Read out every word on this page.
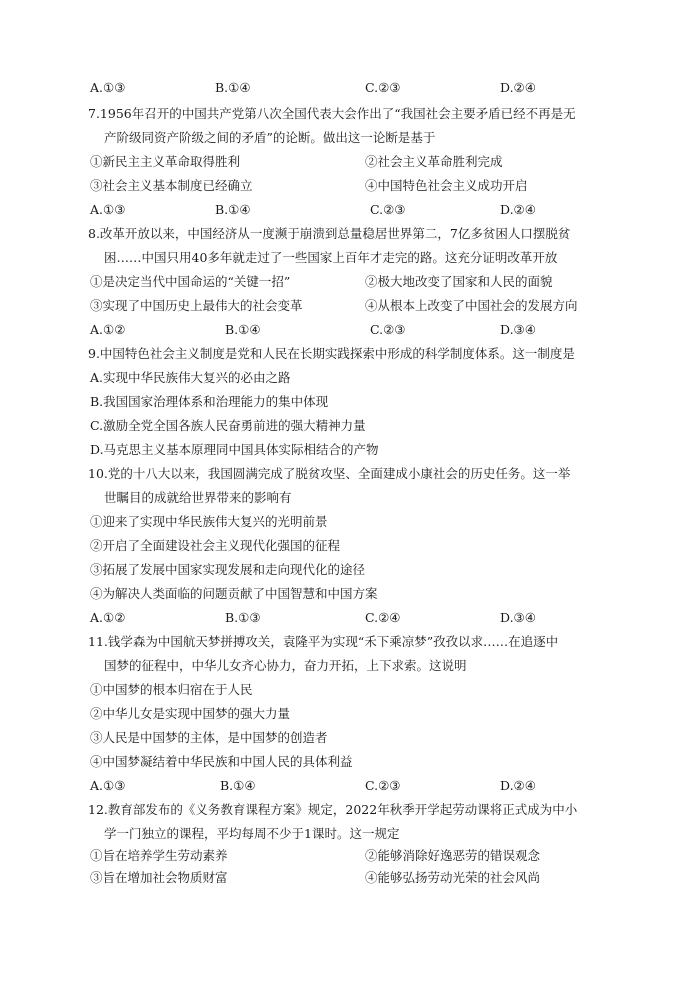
A.①③	B.①④	C.②③	D.②④
7.1956年召开的中国共产党第八次全国代表大会作出了“我国社会主要矛盾已经不再是无
产阶级同资产阶级之间的矛盾”的论断。做出这一论断是基于
①新民主主义革命取得胜利	②社会主义革命胜利完成
③社会主义基本制度已经确立	④中国特色社会主义成功开启
A.①③	B.①④	C.②③	D.②④
8.改革开放以来，中国经济从一度濒于崩溃到总量稳居世界第二，7亿多贫困人口摆脱贫
困……中国只用40多年就走过了一些国家上百年才走完的路。这充分证明改革开放
①是决定当代中国命运的“关键一招”	②极大地改变了国家和人民的面貌
③实现了中国历史上最伟大的社会变革	④从根本上改变了中国社会的发展方向
A.①②	B.①④	C.②③	D.③④
9.中国特色社会主义制度是党和人民在长期实践探索中形成的科学制度体系。这一制度是
A.实现中华民族伟大复兴的必由之路
B.我国国家治理体系和治理能力的集中体现
C.激励全党全国各族人民奋勇前进的强大精神力量
D.马克思主义基本原理同中国具体实际相结合的产物
10.党的十八大以来，我国圆满完成了脱贫攻坚、全面建成小康社会的历史任务。这一举
世瞩目的成就给世界带来的影响有
①迎来了实现中华民族伟大复兴的光明前景
②开启了全面建设社会主义现代化强国的征程
③拓展了发展中国家实现发展和走向现代化的途径
④为解决人类面临的问题贡献了中国智慧和中国方案
A.①②	B.①③	C.②④	D.③④
11.钱学森为中国航天梦拼搏攻关，袁隆平为实现“禾下乘凉梦”孜孜以求……在追逐中
国梦的征程中，中华儿女齐心协力，奋力开拓，上下求索。这说明
①中国梦的根本归宿在于人民
②中华儿女是实现中国梦的强大力量
③人民是中国梦的主体，是中国梦的创造者
④中国梦凝结着中华民族和中国人民的具体利益
A.①③	B.①④	C.②③	D.②④
12.教育部发布的《义务教育课程方案》规定，2022年秋季开学起劳动课将正式成为中小
学一门独立的课程，平均每周不少于1课时。这一规定
①旨在培养学生劳动素养	②能够消除好逸恶劳的错误观念
③旨在增加社会物质财富	④能够弘扬劳动光荣的社会风尚
